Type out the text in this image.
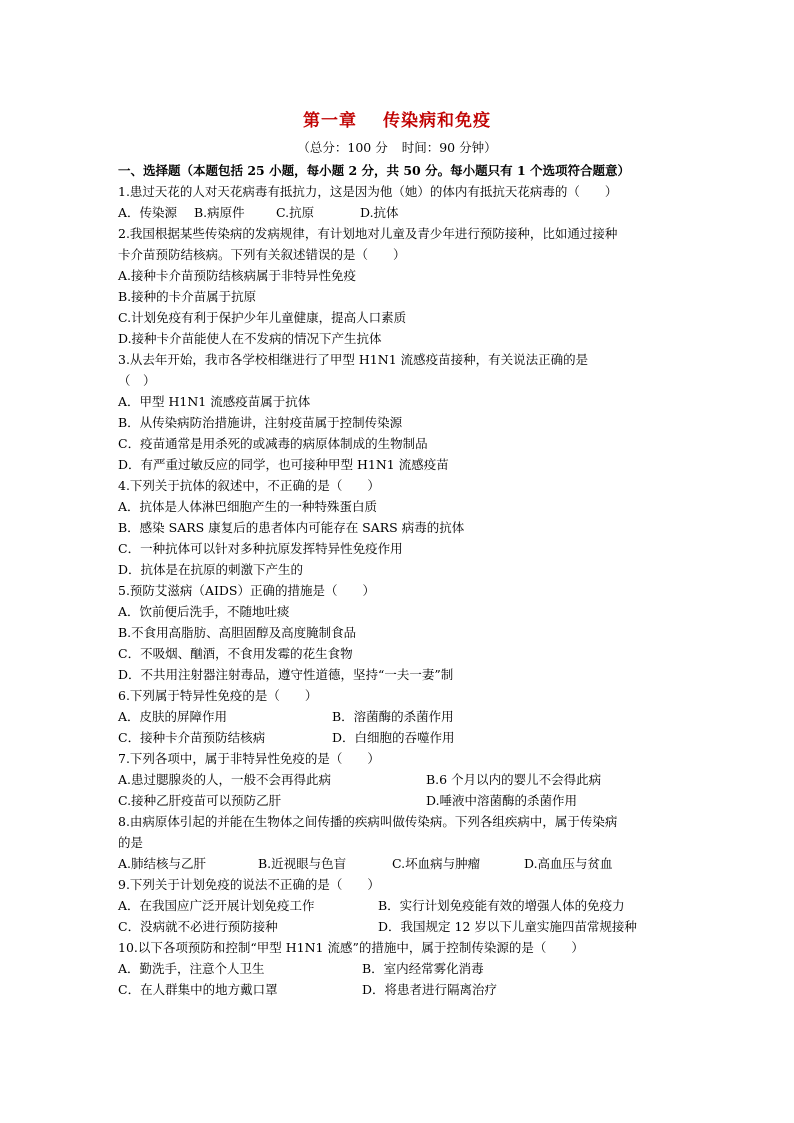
第一章 传染病和免疫
（总分：100 分 时间：90 分钟）
一、选择题（本题包括 25 小题，每小题 2 分，共 50 分。每小题只有 1 个选项符合题意）
1.患过天花的人对天花病毒有抵抗力，这是因为他（她）的体内有抵抗天花病毒的（　　）
A．传染源	B.病原件	C.抗原	D.抗体
2.我国根据某些传染病的发病规律，有计划地对儿童及青少年进行预防接种，比如通过接种
卡介苗预防结核病。下列有关叙述错误的是（　　）
A.接种卡介苗预防结核病属于非特异性免疫
B.接种的卡介苗属于抗原
C.计划免疫有利于保护少年儿童健康，提高人口素质
D.接种卡介苗能使人在不发病的情况下产生抗体
3.从去年开始，我市各学校相继进行了甲型 H1N1 流感疫苗接种，有关说法正确的是
（　）
A．甲型 H1N1 流感疫苗属于抗体
B．从传染病防治措施讲，注射疫苗属于控制传染源
C．疫苗通常是用杀死的或减毒的病原体制成的生物制品
D．有严重过敏反应的同学，也可接种甲型 H1N1 流感疫苗
4.下列关于抗体的叙述中，不正确的是（　　）
A．抗体是人体淋巴细胞产生的一种特殊蛋白质
B．感染 SARS 康复后的患者体内可能存在 SARS 病毒的抗体
C．一种抗体可以针对多种抗原发挥特异性免疫作用
D．抗体是在抗原的刺激下产生的
5.预防艾滋病（AIDS）正确的措施是（　　）
A．饮前便后洗手，不随地吐痰
B.不食用高脂肪、高胆固醇及高度腌制食品
C．不吸烟、酗酒，不食用发霉的花生食物
D．不共用注射器注射毒品，遵守性道德，坚持“一夫一妻”制
6.下列属于特异性免疫的是（　　）
A．皮肤的屏障作用	B．溶菌酶的杀菌作用
C．接种卡介苗预防结核病	D．白细胞的吞噬作用
7.下列各项中，属于非特异性免疫的是（　　）
A.患过腮腺炎的人，一般不会再得此病	B.6 个月以内的婴儿不会得此病
C.接种乙肝疫苗可以预防乙肝	D.唾液中溶菌酶的杀菌作用
8.由病原体引起的并能在生物体之间传播的疾病叫做传染病。下列各组疾病中，属于传染病
的是
A.肺结核与乙肝	B.近视眼与色盲	C.坏血病与肿瘤	D.高血压与贫血
9.下列关于计划免疫的说法不正确的是（　　）
A．在我国应广泛开展计划免疫工作	B．实行计划免疫能有效的增强人体的免疫力
C．没病就不必进行预防接种	D．我国规定 12 岁以下儿童实施四苗常规接种
10.以下各项预防和控制“甲型 H1N1 流感”的措施中，属于控制传染源的是（　　）
A．勤洗手，注意个人卫生	B．室内经常雾化消毒
C．在人群集中的地方戴口罩	D．将患者进行隔离治疗
